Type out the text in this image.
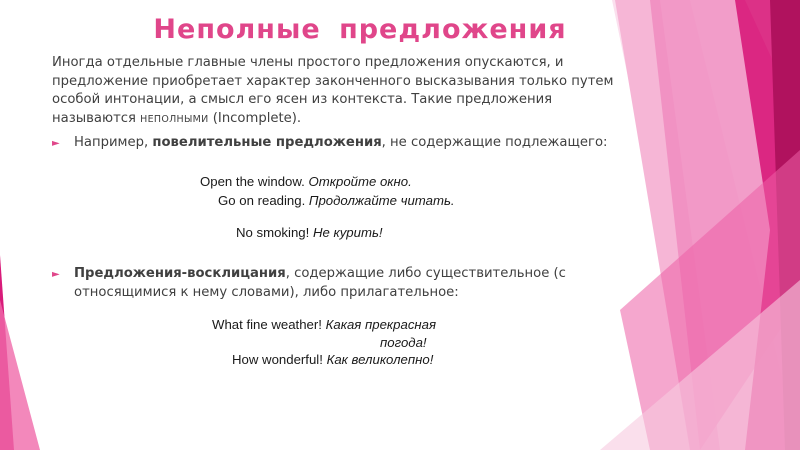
Неполные предложения

Иногда отдельные главные члены простого предложения опускаются, и предложение приобретает характер законченного высказывания только путем особой интонации, а смысл его ясен из контекста. Такие предложения называются НЕПОЛНЫМИ (Incomplete).

► Например, повелительные предложения, не содержащие подлежащего:
Open the window. Откройте окно.
Go on reading. Продолжайте читать.
No smoking! Не курить!
► Предложения-восклицания, содержащие либо существительное (с относящимися к нему словами), либо прилагательное:
What fine weather! Какая прекрасная
погода!
How wonderful! Как великолепно!
